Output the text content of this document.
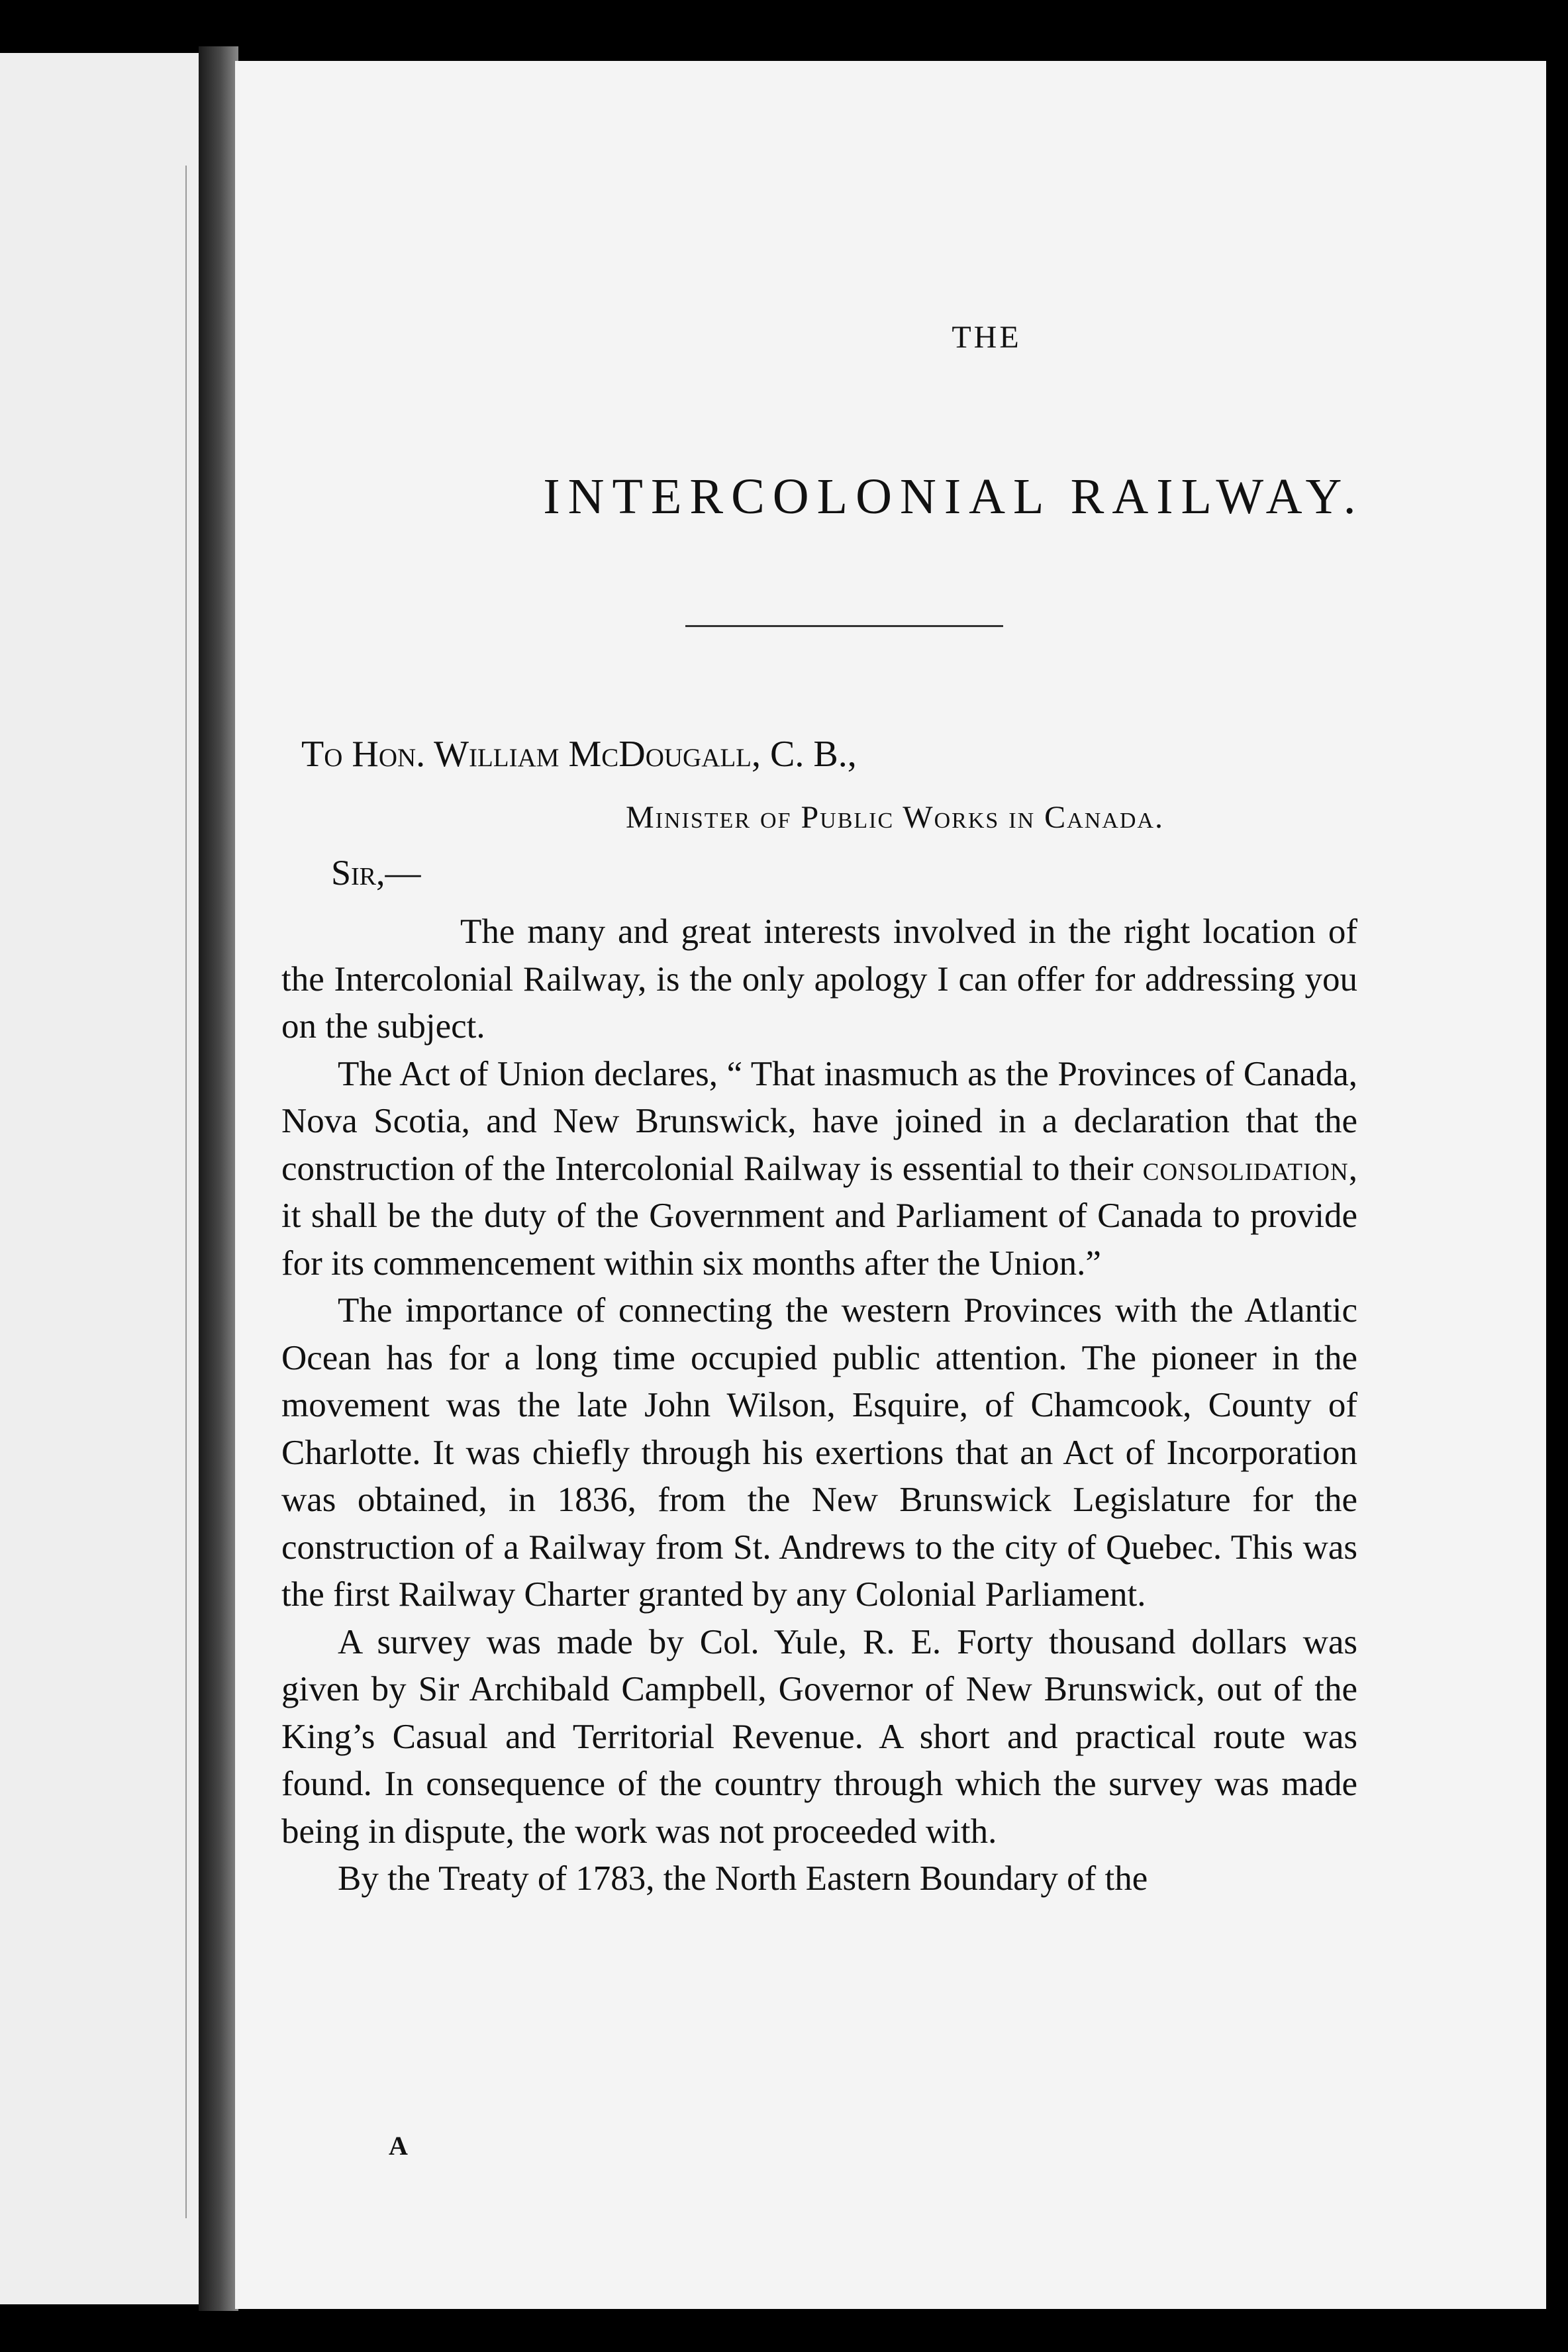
THE
INTERCOLONIAL RAILWAY.
To Hon. William McDougall, C. B.,
Minister of Public Works in Canada.
Sir,—

The many and great interests involved in the right location of the Intercolonial Railway, is the only apology I can offer for addressing you on the subject.

The Act of Union declares, “ That inasmuch as the Provinces of Canada, Nova Scotia, and New Brunswick, have joined in a declaration that the construction of the Intercolonial Railway is essential to their consolidation, it shall be the duty of the Government and Parliament of Canada to provide for its commencement within six months after the Union.”

The importance of connecting the western Provinces with the Atlantic Ocean has for a long time occupied public attention. The pioneer in the movement was the late John Wilson, Esquire, of Chamcook, County of Charlotte. It was chiefly through his exertions that an Act of Incorporation was obtained, in 1836, from the New Brunswick Legislature for the construction of a Railway from St. Andrews to the city of Quebec. This was the first Railway Charter granted by any Colonial Parliament.

A survey was made by Col. Yule, R. E. Forty thousand dollars was given by Sir Archibald Campbell, Governor of New Brunswick, out of the King’s Casual and Territorial Revenue. A short and practical route was found. In consequence of the country through which the survey was made being in dispute, the work was not proceeded with.

By the Treaty of 1783, the North Eastern Boundary of the

A
